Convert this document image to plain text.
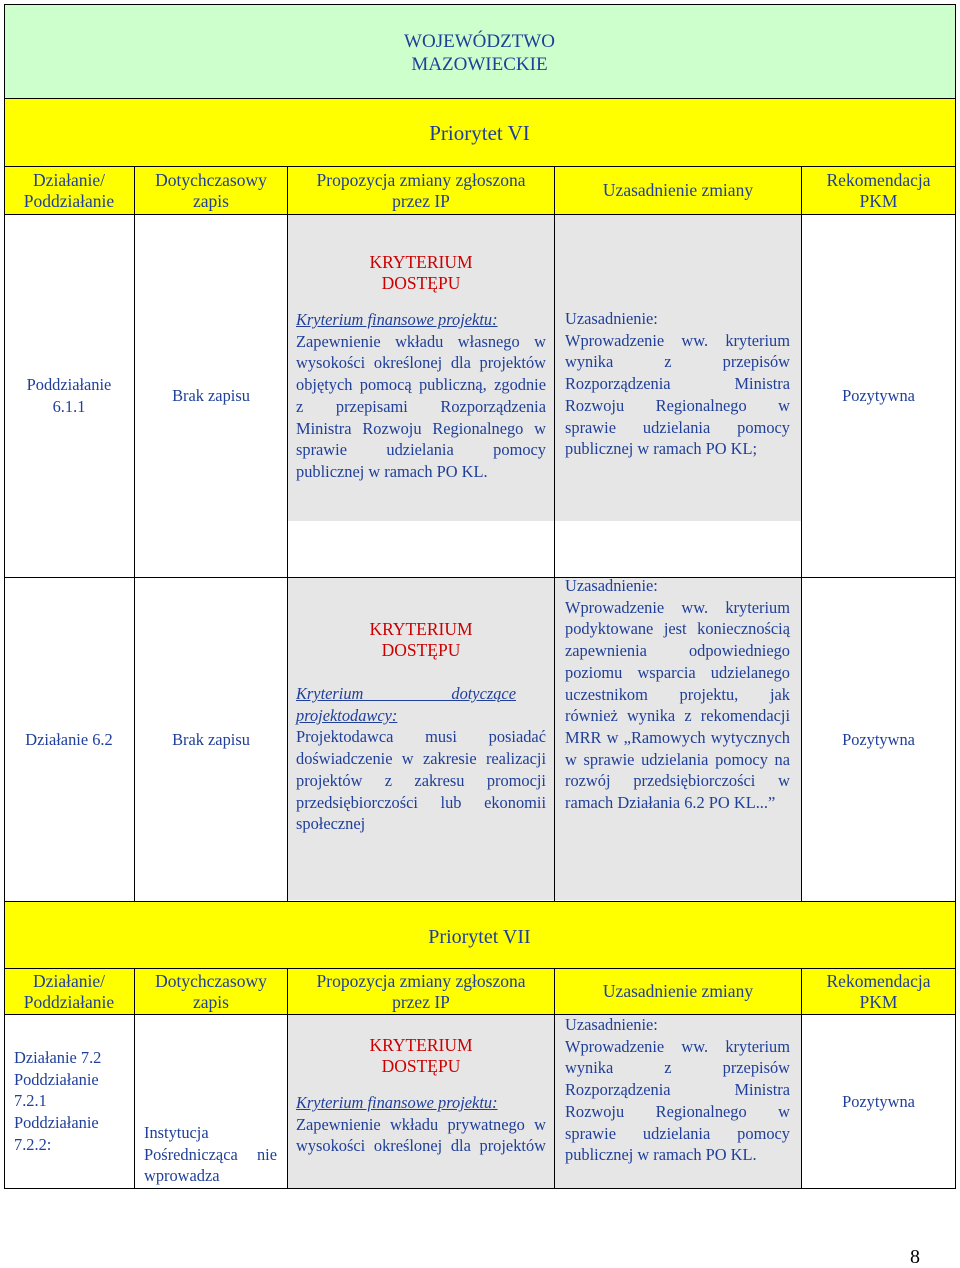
WOJEWÓDZTWO
MAZOWIECKIE
Priorytet VI
Działanie/ Poddziałanie
Dotychczasowy zapis
Propozycja zmiany zgłoszona przez IP
Uzasadnienie zmiany
Rekomendacja PKM
Poddziałanie 6.1.1
Brak zapisu
KRYTERIUM DOSTĘPU
Kryterium finansowe projektu:
Zapewnienie wkładu własnego w wysokości określonej dla projektów objętych pomocą publiczną, zgodnie z przepisami Rozporządzenia Ministra Rozwoju Regionalnego w sprawie udzielania pomocy publicznej w ramach PO KL.
Uzasadnienie:
Wprowadzenie ww. kryterium wynika z przepisów Rozporządzenia Ministra Rozwoju Regionalnego w sprawie udzielania pomocy publicznej w ramach PO KL;
Pozytywna
Działanie 6.2	Brak zapisu
KRYTERIUM DOSTĘPU
Kryterium dotyczące projektodawcy:
Projektodawca musi posiadać doświadczenie w zakresie realizacji projektów z zakresu promocji przedsiębiorczości lub ekonomii społecznej
Uzasadnienie:
Wprowadzenie ww. kryterium podyktowane jest koniecznością zapewnienia odpowiedniego poziomu wsparcia udzielanego uczestnikom projektu, jak również wynika z rekomendacji MRR w „Ramowych wytycznych w sprawie udzielania pomocy na rozwój przedsiębiorczości w ramach Działania 6.2 PO KL...”
Pozytywna
Priorytet VII
Działanie/ Poddziałanie
Dotychczasowy zapis
Propozycja zmiany zgłoszona przez IP
Uzasadnienie zmiany
Rekomendacja PKM
Działanie 7.2 Poddziałanie 7.2.1 Poddziałanie 7.2.2:
Instytucja Pośrednicząca nie wprowadza
KRYTERIUM DOSTĘPU
Kryterium finansowe projektu:
Zapewnienie wkładu prywatnego w wysokości określonej dla projektów
Uzasadnienie:
Wprowadzenie ww. kryterium wynika z przepisów Rozporządzenia Ministra Rozwoju Regionalnego w sprawie udzielania pomocy publicznej w ramach PO KL.
Pozytywna
8
